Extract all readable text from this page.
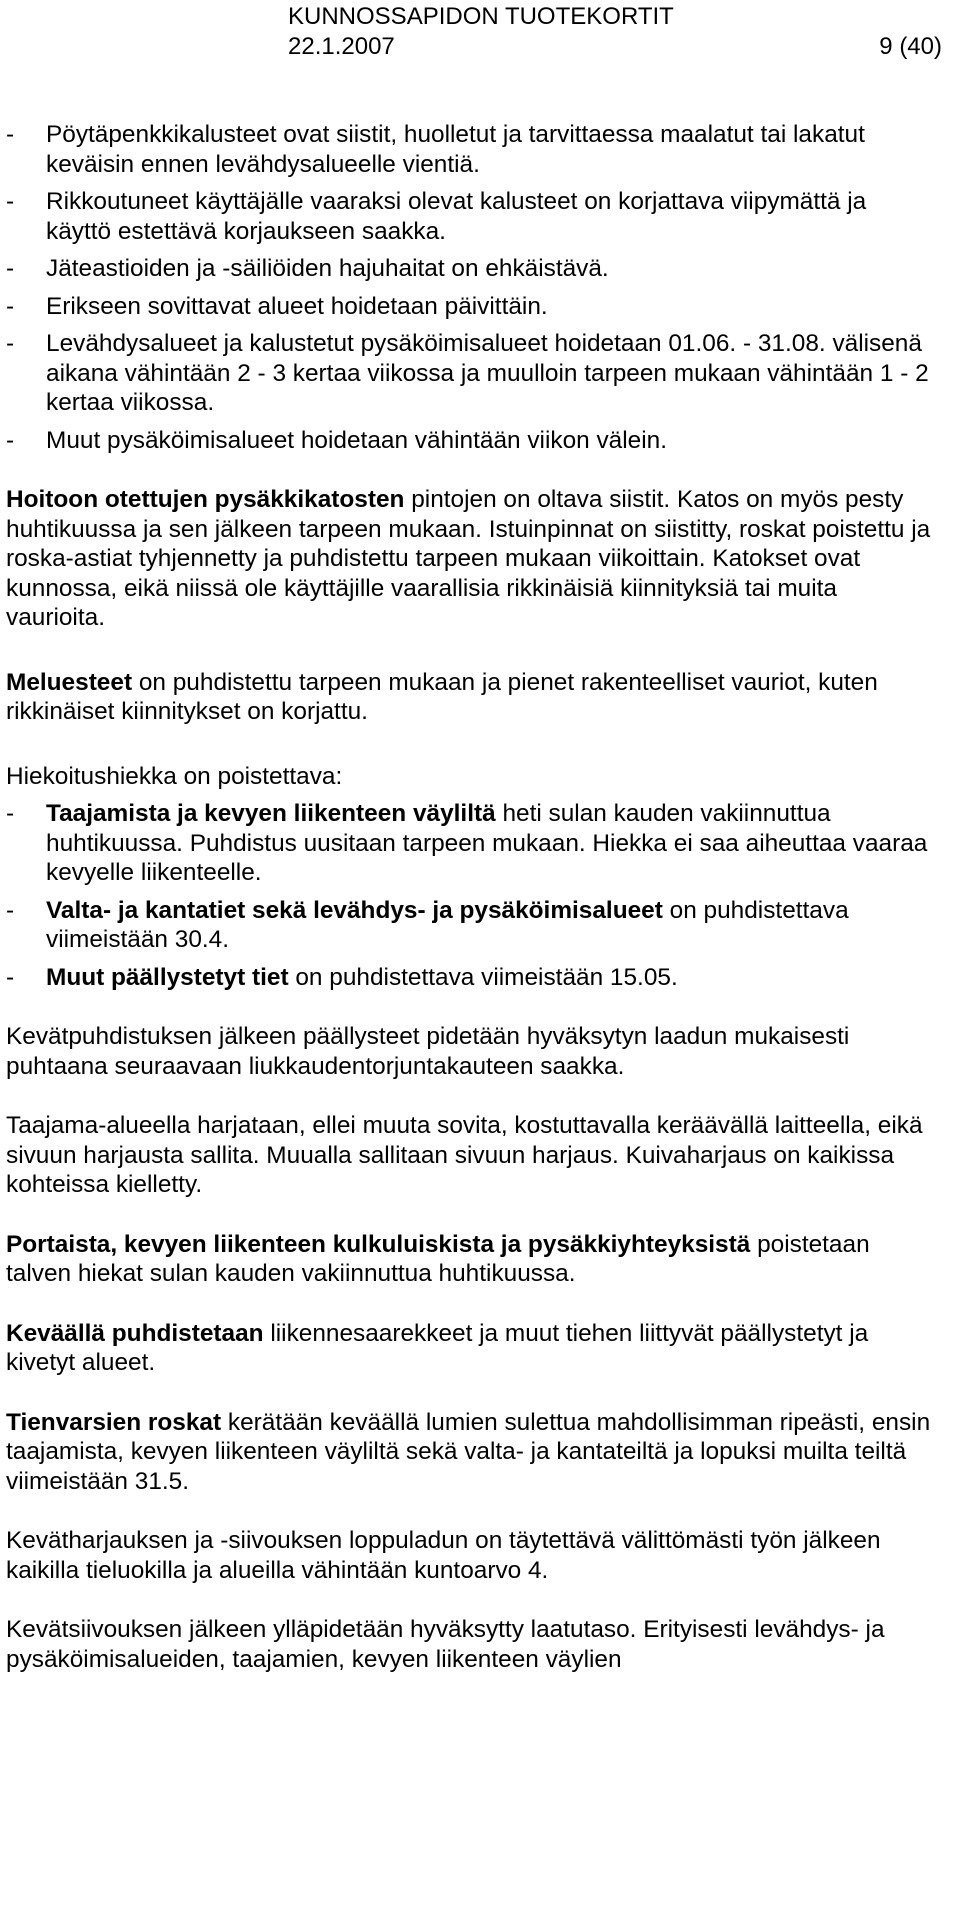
KUNNOSSAPIDON TUOTEKORTIT
22.1.2007	9 (40)

- Pöytäpenkkikalusteet ovat siistit, huolletut ja tarvittaessa maalatut tai lakatut keväisin ennen levähdysalueelle vientiä.

- Rikkoutuneet käyttäjälle vaaraksi olevat kalusteet on korjattava viipymättä ja käyttö estettävä korjaukseen saakka.

- Jäteastioiden ja -säiliöiden hajuhaitat on ehkäistävä.

- Erikseen sovittavat alueet hoidetaan päivittäin.

- Levähdysalueet ja kalustetut pysäköimisalueet hoidetaan 01.06. - 31.08. välisenä aikana vähintään 2 - 3 kertaa viikossa ja muulloin tarpeen mukaan vähintään 1 - 2 kertaa viikossa.

- Muut pysäköimisalueet hoidetaan vähintään viikon välein.

Hoitoon otettujen pysäkkikatosten pintojen on oltava siistit. Katos on myös pesty huhtikuussa ja sen jälkeen tarpeen mukaan. Istuinpinnat on siistitty, roskat poistettu ja roska-astiat tyhjennetty ja puhdistettu tarpeen mukaan viikoittain. Katokset ovat kunnossa, eikä niissä ole käyttäjille vaarallisia rikkinäisiä kiinnityksiä tai muita vaurioita.

Meluesteet on puhdistettu tarpeen mukaan ja pienet rakenteelliset vauriot, kuten rikkinäiset kiinnitykset on korjattu.

Hiekoitushiekka on poistettava:

- Taajamista ja kevyen liikenteen väyliltä heti sulan kauden vakiinnuttua huhtikuussa. Puhdistus uusitaan tarpeen mukaan. Hiekka ei saa aiheuttaa vaaraa kevyelle liikenteelle.

- Valta- ja kantatiet sekä levähdys- ja pysäköimisalueet on puhdistettava viimeistään 30.4.

- Muut päällystetyt tiet on puhdistettava viimeistään 15.05.

Kevätpuhdistuksen jälkeen päällysteet pidetään hyväksytyn laadun mukaisesti puhtaana seuraavaan liukkaudentorjuntakauteen saakka.

Taajama-alueella harjataan, ellei muuta sovita, kostuttavalla keräävällä laitteella, eikä sivuun harjausta sallita. Muualla sallitaan sivuun harjaus. Kuivaharjaus on kaikissa kohteissa kielletty.

Portaista, kevyen liikenteen kulkuluiskista ja pysäkkiyhteyksistä poistetaan talven hiekat sulan kauden vakiinnuttua huhtikuussa.

Keväällä puhdistetaan liikennesaarekkeet ja muut tiehen liittyvät päällystetyt ja kivetyt alueet.

Tienvarsien roskat kerätään keväällä lumien sulettua mahdollisimman ripeästi, ensin taajamista, kevyen liikenteen väyliltä sekä valta- ja kantateiltä ja lopuksi muilta teiltä viimeistään 31.5.

Kevätharjauksen ja -siivouksen loppuladun on täytettävä välittömästi työn jälkeen kaikilla tieluokilla ja alueilla vähintään kuntoarvo 4.

Kevätsiivouksen jälkeen ylläpidetään hyväksytty laatutaso. Erityisesti levähdys- ja pysäköimisalueiden, taajamien, kevyen liikenteen väylien
